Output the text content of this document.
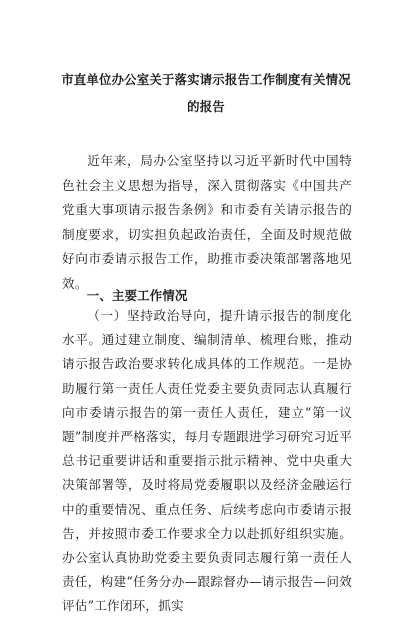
市直单位办公室关于落实请示报告工作制度有关情况的报告

近年来，局办公室坚持以习近平新时代中国特色社会主义思想为指导，深入贯彻落实《中国共产党重大事项请示报告条例》和市委有关请示报告的制度要求，切实担负起政治责任，全面及时规范做好向市委请示报告工作，助推市委决策部署落地见效。

一、主要工作情况

（一）坚持政治导向，提升请示报告的制度化水平。通过建立制度、编制清单、梳理台账，推动请示报告政治要求转化成具体的工作规范。一是协助履行第一责任人责任党委主要负责同志认真履行向市委请示报告的第一责任人责任，建立“第一议题”制度并严格落实，每月专题跟进学习研究习近平总书记重要讲话和重要指示批示精神、党中央重大决策部署等，及时将局党委履职以及经济金融运行中的重要情况、重点任务、后续考虑向市委请示报告，并按照市委工作要求全力以赴抓好组织实施。办公室认真协助党委主要负责同志履行第一责任人责任，构建“任务分办—跟踪督办—请示报告—问效评估”工作闭环，抓实
